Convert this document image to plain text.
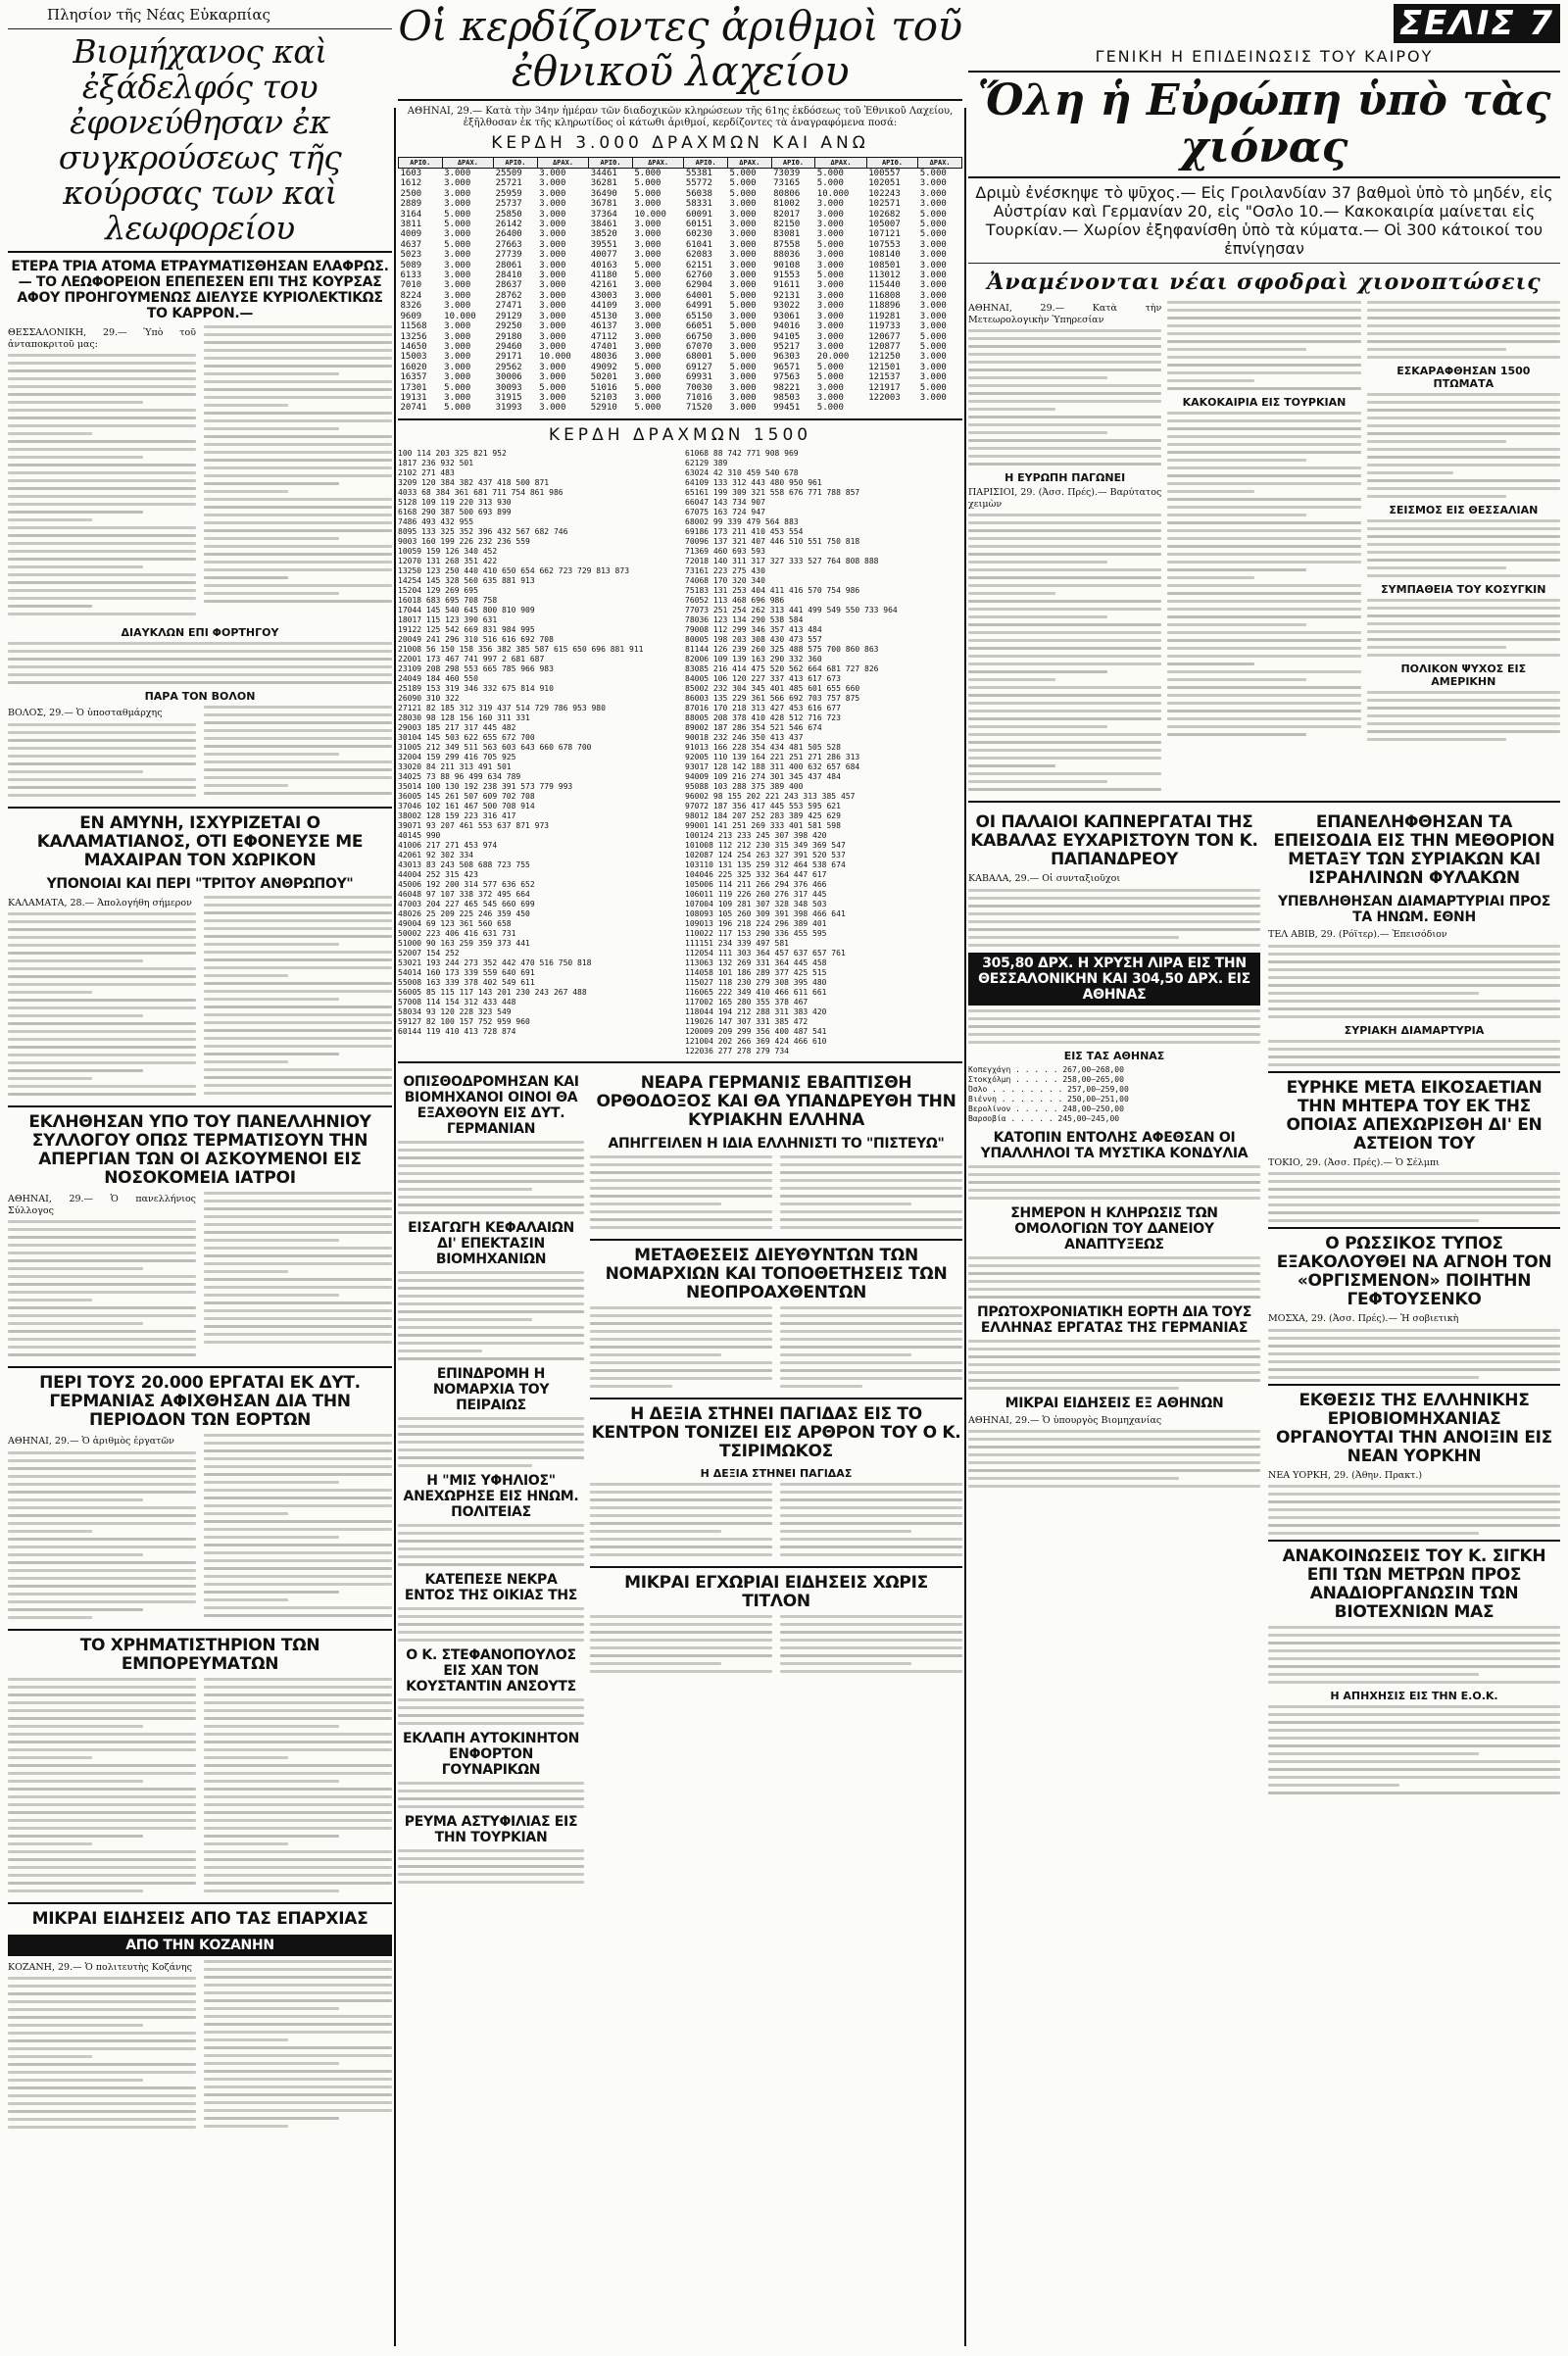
Πλησίον τῆς Νέας Εὐκαρπίας
Βιομήχανος καὶ ἐξάδελφός του ἐφονεύθησαν ἐκ συγκρούσεως τῆς κούρσας των καὶ λεωφορείου
ΕΤΕΡΑ ΤΡΙΑ ΑΤΟΜΑ ΕΤΡΑΥΜΑΤΙΣΘΗΣΑΝ ΕΛΑΦΡΩΣ.— ΤΟ ΛΕΩΦΟΡΕΙΟΝ ΕΠΕΠΕΣΕΝ ΕΠΙ ΤΗΣ ΚΟΥΡΣΑΣ ΑΦΟΥ ΠΡΟΗΓΟΥΜΕΝΩΣ ΔΙΕΛΥΣΕ ΚΥΡΙΟΛΕΚΤΙΚΩΣ ΤΟ ΚΑΡΡΟΝ.—
ΘΕΣΣΑΛΟΝΙΚΗ, 29.— Ὑπὸ τοῦ ἀνταποκριτοῦ μας:
ΔΙΑΥΚΛΩΝ ΕΠΙ ΦΟΡΤΗΓΟΥ
ΠΑΡΑ ΤΟΝ ΒΟΛΟΝ
ΒΟΛΟΣ, 29.— Ὁ ὑποσταθμάρχης
ΕΝ ΑΜΥΝΗ, ΙΣΧΥΡΙΖΕΤΑΙ Ο ΚΑΛΑΜΑΤΙΑΝΟΣ, ΟΤΙ ΕΦΟΝΕΥΣΕ ΜΕ ΜΑΧΑΙΡΑΝ ΤΟΝ ΧΩΡΙΚΟΝ
ΥΠΟΝΟΙΑΙ ΚΑΙ ΠΕΡΙ "ΤΡΙΤΟΥ ΑΝΘΡΩΠΟΥ"
ΚΑΛΑΜΑΤΑ, 28.— Ἀπολογήθη σήμερον
ΕΚΛΗΘΗΣΑΝ ΥΠΟ ΤΟΥ ΠΑΝΕΛΛΗΝΙΟΥ ΣΥΛΛΟΓΟΥ ΟΠΩΣ ΤΕΡΜΑΤΙΣΟΥΝ ΤΗΝ ΑΠΕΡΓΙΑΝ ΤΩΝ ΟΙ ΑΣΚΟΥΜΕΝΟΙ ΕΙΣ ΝΟΣΟΚΟΜΕΙΑ ΙΑΤΡΟΙ
ΑΘΗΝΑΙ, 29.— Ὁ πανελλήνιος Σύλλογος
ΠΕΡΙ ΤΟΥΣ 20.000 ΕΡΓΑΤΑΙ ΕΚ ΔΥΤ. ΓΕΡΜΑΝΙΑΣ ΑΦΙΧΘΗΣΑΝ ΔΙΑ ΤΗΝ ΠΕΡΙΟΔΟΝ ΤΩΝ ΕΟΡΤΩΝ
ΑΘΗΝΑΙ, 29.— Ὁ ἀριθμὸς ἐργατῶν
ΤΟ ΧΡΗΜΑΤΙΣΤΗΡΙΟΝ ΤΩΝ ΕΜΠΟΡΕΥΜΑΤΩΝ
ΜΙΚΡΑΙ ΕΙΔΗΣΕΙΣ ΑΠΟ ΤΑΣ ΕΠΑΡΧΙΑΣ
ΑΠΟ ΤΗΝ ΚΟΖΑΝΗΝ
ΚΟΖΑΝΗ, 29.— Ὁ πολιτευτὴς Κοζάνης
Οἱ κερδίζοντες ἀριθμοὶ τοῦ ἐθνικοῦ λαχείου
ΑΘΗΝΑΙ, 29.— Κατὰ τὴν 34ην ἡμέραν τῶν διαδοχικῶν κληρώσεων τῆς 61ης ἐκδόσεως τοῦ Ἐθνικοῦ Λαχείου, ἐξῆλθοσαν ἐκ τῆς κληρωτίδος οἱ κάτωθι ἀριθμοί, κερδίζοντες τὰ ἀναγραφόμενα ποσά:
ΚΕΡΔΗ 3.000 ΔΡΑΧΜΩΝ ΚΑΙ ΑΝΩ
ΑΡΙΘ.	ΔΡΑΧ.	ΑΡΙΘ.	ΔΡΑΧ.	ΑΡΙΘ.	ΔΡΑΧ.	ΑΡΙΘ.	ΔΡΑΧ.	ΑΡΙΘ.	ΔΡΑΧ.	ΑΡΙΘ.	ΔΡΑΧ.
1603	3.000	25509	3.000	34461	5.000	55381	5.000	73039	5.000	100557	5.000
1612	3.000	25721	3.000	36281	5.000	55772	5.000	73165	5.000	102051	3.000
2500	3.000	25959	3.000	36490	5.000	56038	5.000	80806	10.000	102243	3.000
2889	3.000	25737	3.000	36781	3.000	58331	3.000	81002	3.000	102571	3.000
3164	5.000	25850	3.000	37364	10.000	60091	3.000	82017	3.000	102682	5.000
3811	5.000	26142	3.000	38461	3.000	60151	3.000	82150	3.000	105007	5.000
4009	3.000	26400	3.000	38520	3.000	60230	3.000	83081	3.000	107121	5.000
4637	5.000	27663	3.000	39551	3.000	61041	3.000	87558	5.000	107553	3.000
5023	3.000	27739	3.000	40077	3.000	62083	3.000	88036	3.000	108140	3.000
5089	3.000	28061	3.000	40163	5.000	62151	3.000	90108	3.000	108501	3.000
6133	3.000	28410	3.000	41180	5.000	62760	3.000	91553	5.000	113012	3.000
7010	3.000	28637	3.000	42161	3.000	62904	3.000	91611	3.000	115440	3.000
8224	3.000	28762	3.000	43003	3.000	64001	5.000	92131	3.000	116808	3.000
8326	3.000	27471	3.000	44109	3.000	64991	5.000	93022	3.000	118896	3.000
9609	10.000	29129	3.000	45130	3.000	65150	3.000	93061	3.000	119281	3.000
11568	3.000	29250	3.000	46137	3.000	66051	5.000	94016	3.000	119733	3.000
13256	3.000	29180	3.000	47112	3.000	66750	3.000	94105	3.000	120677	5.000
14650	3.000	29460	3.000	47401	3.000	67070	3.000	95217	3.000	120877	5.000
15003	3.000	29171	10.000	48036	3.000	68001	5.000	96303	20.000	121250	3.000
16020	3.000	29562	3.000	49092	5.000	69127	5.000	96571	5.000	121501	3.000
16357	3.000	30006	3.000	50201	3.000	69931	3.000	97563	5.000	121537	3.000
17301	5.000	30093	5.000	51016	5.000	70030	3.000	98221	3.000	121917	5.000
19131	3.000	31915	3.000	52103	3.000	71016	3.000	98503	3.000	122003	3.000
20741	5.000	31993	3.000	52910	5.000	71520	3.000	99451	5.000		
ΚΕΡΔΗ ΔΡΑΧΜΩΝ 1500
100 114 203 325 821 952
1817 236 932 501
2102 271 483
3209 120 384 382 437 418 500 871
4033 68 384 361 681 711 754 861 986
5128 109 119 220 313 930
6168 290 387 500 693 899
7486 493 432 955
8095 133 325 352 396 432 567 682 746
9003 160 199 226 232 236 559
10059 159 126 340 452
12070 131 268 351 422
13250 123 250 440 410 650 654 662 723 729 813 873
14254 145 328 560 635 881 913
15204 129 269 695
16018 683 695 708 758
17044 145 540 645 800 810 909
18017 115 123 390 631
19122 125 542 669 831 984 995
20049 241 296 310 516 616 692 708
21008 56 150 158 356 382 385 587 615 650 696 881 911
22001 173 467 741 997 2 681 687
23109 208 298 553 665 785 966 983
24049 184 460 550
25189 153 319 346 332 675 814 910
26090 310 322
27121 82 185 312 319 437 514 729 786 953 980
28030 98 128 156 160 311 331
29003 185 217 317 445 482
30104 145 503 622 655 672 700
31005 212 349 511 563 603 643 660 678 700
32004 159 299 416 705 925
33020 84 211 313 491 501
34025 73 88 96 499 634 789
35014 100 130 192 238 391 573 779 993
36005 145 261 507 609 702 708
37046 102 161 467 500 708 914
38002 128 159 223 316 417
39071 93 207 461 553 637 871 973
40145 990
41006 217 271 453 974
42061 92 302 334
43013 83 243 508 688 723 755
44004 252 315 423
45006 192 200 314 577 636 652
46048 97 107 338 372 495 664
47003 204 227 465 545 660 699
48026 25 209 225 246 359 450
49004 69 123 361 560 658
50002 223 406 416 631 731
51000 90 163 259 359 373 441
52007 154 252
53021 193 244 273 352 442 470 516 750 818
54014 160 173 339 559 640 691
55008 163 339 378 402 549 611
56005 85 115 117 143 201 230 243 267 488
57008 114 154 312 433 448
58034 93 120 228 323 549
59127 82 100 157 752 959 960
60144 119 410 413 728 874
61068 88 742 771 908 969
62129 389
63024 42 310 459 540 678
64109 133 312 443 480 950 961
65161 199 309 321 558 676 771 788 857
66047 143 734 907
67075 163 724 947
68002 99 339 479 564 883
69186 173 211 410 453 554
70096 137 321 407 446 510 551 750 818
71369 460 693 593
72018 140 311 317 327 333 527 764 808 888
73161 223 275 430
74068 170 320 340
75183 131 253 404 411 416 570 754 986
76052 113 468 696 986
77073 251 254 262 313 441 499 549 550 733 964
78036 123 134 290 538 584
79008 112 299 346 357 413 484
80005 198 203 308 430 473 557
81144 126 239 260 325 488 575 700 860 863
82006 109 139 163 290 332 360
83085 216 414 475 520 562 664 681 727 826
84005 106 120 227 337 413 617 673
85002 232 304 345 401 485 601 655 660
86003 135 229 361 566 692 703 757 875
87016 170 218 313 427 453 616 677
88005 208 378 410 428 512 716 723
89002 187 286 354 521 546 674
90018 232 246 350 413 437
91013 166 228 354 434 481 505 528
92005 110 139 164 221 251 271 286 313
93017 128 142 188 311 400 632 657 684
94009 109 216 274 301 345 437 484
95088 103 288 375 389 400
96002 98 155 202 221 243 313 385 457
97072 187 356 417 445 553 595 621
98012 184 207 252 283 389 425 629
99001 141 251 269 333 401 581 598
100124 213 233 245 307 398 420
101008 112 212 230 315 349 369 547
102087 124 254 263 327 391 520 537
103110 131 135 259 312 464 538 674
104046 225 325 332 364 447 617
105006 114 211 266 294 376 466
106011 119 226 260 276 317 445
107004 109 281 307 328 348 503
108093 105 260 309 391 398 466 641
109013 196 218 224 296 389 401
110022 117 153 290 336 455 595
111151 234 339 497 581
112054 111 303 364 457 637 657 761
113063 132 269 331 364 445 458
114058 101 186 289 377 425 515
115027 118 230 279 308 395 480
116065 222 349 410 466 611 661
117002 165 280 355 378 467
118044 194 212 288 311 383 420
119026 147 307 331 385 472
120009 209 299 356 400 487 541
121004 202 266 369 424 466 610
122036 277 278 279 734
ΟΠΙΣΘΟΔΡΟΜΗΣΑΝ ΚΑΙ ΒΙΟΜΗΧΑΝΟΙ ΟΙΝΟΙ ΘΑ ΕΞΑΧΘΟΥΝ ΕΙΣ ΔΥΤ. ΓΕΡΜΑΝΙΑΝ
ΕΙΣΑΓΩΓΗ ΚΕΦΑΛΑΙΩΝ ΔΙ' ΕΠΕΚΤΑΣΙΝ ΒΙΟΜΗΧΑΝΙΩΝ
ΕΠΙΝΔΡΟΜΗ Η ΝΟΜΑΡΧΙΑ ΤΟΥ ΠΕΙΡΑΙΩΣ
Η "ΜΙΣ ΥΦΗΛΙΟΣ" ΑΝΕΧΩΡΗΣΕ ΕΙΣ ΗΝΩΜ. ΠΟΛΙΤΕΙΑΣ
ΚΑΤΕΠΕΣΕ ΝΕΚΡΑ ΕΝΤΟΣ ΤΗΣ ΟΙΚΙΑΣ ΤΗΣ
Ο Κ. ΣΤΕΦΑΝΟΠΟΥΛΟΣ ΕΙΣ ΧΑΝ ΤΟΝ ΚΟΥΣΤΑΝΤΙΝ ΑΝΣΟΥΤΣ
ΕΚΛΑΠΗ ΑΥΤΟΚΙΝΗΤΟΝ ΕΝΦΟΡΤΟΝ ΓΟΥΝΑΡΙΚΩΝ
ΡΕΥΜΑ ΑΣΤΥΦΙΛΙΑΣ ΕΙΣ ΤΗΝ ΤΟΥΡΚΙΑΝ
ΝΕΑΡΑ ΓΕΡΜΑΝΙΣ ΕΒΑΠΤΙΣΘΗ ΟΡΘΟΔΟΞΟΣ ΚΑΙ ΘΑ ΥΠΑΝΔΡΕΥΘΗ ΤΗΝ ΚΥΡΙΑΚΗΝ ΕΛΛΗΝΑ
ΑΠΗΓΓΕΙΛΕΝ Η ΙΔΙΑ ΕΛΛΗΝΙΣΤΙ ΤΟ "ΠΙΣΤΕΥΩ"
ΜΕΤΑΘΕΣΕΙΣ ΔΙΕΥΘΥΝΤΩΝ ΤΩΝ ΝΟΜΑΡΧΙΩΝ ΚΑΙ ΤΟΠΟΘΕΤΗΣΕΙΣ ΤΩΝ ΝΕΟΠΡΟΑΧΘΕΝΤΩΝ
Η ΔΕΞΙΑ ΣΤΗΝΕΙ ΠΑΓΙΔΑΣ ΕΙΣ ΤΟ ΚΕΝΤΡΟΝ ΤΟΝΙΖΕΙ ΕΙΣ ΑΡΘΡΟΝ ΤΟΥ Ο Κ. ΤΣΙΡΙΜΩΚΟΣ
Η ΔΕΞΙΑ ΣΤΗΝΕΙ ΠΑΓΙΔΑΣ
ΜΙΚΡΑΙ ΕΓΧΩΡΙΑΙ ΕΙΔΗΣΕΙΣ ΧΩΡΙΣ ΤΙΤΛΟΝ
ΣΕΛΙΣ 7
ΓΕΝΙΚΗ Η ΕΠΙΔΕΙΝΩΣΙΣ ΤΟΥ ΚΑΙΡΟΥ
Ὅλη ἡ Εὐρώπη ὑπὸ τὰς χιόνας
Δριμὺ ἐνέσκηψε τὸ ψῦχος.— Εἰς Γροιλανδίαν 37 βαθμοὶ ὑπὸ τὸ μηδέν, εἰς Αὐστρίαν καὶ Γερμανίαν 20, εἰς "Οσλο 10.— Κακοκαιρία μαίνεται εἰς Τουρκίαν.— Χωρίον ἐξηφανίσθη ὑπὸ τὰ κύματα.— Οἱ 300 κάτοικοί του ἐπνίγησαν
Ἀναμένονται νέαι σφοδραὶ χιονοπτώσεις
ΑΘΗΝΑΙ, 29.— Κατὰ τὴν Μετεωρολογικὴν Ὑπηρεσίαν
Η ΕΥΡΩΠΗ ΠΑΓΩΝΕΙ
ΠΑΡΙΣΙΟΙ, 29. (Ἀσσ. Πρές).— Βαρύτατος χειμὼν
ΚΑΚΟΚΑΙΡΙΑ ΕΙΣ ΤΟΥΡΚΙΑΝ
ΕΣΚΑΡΑΦΘΗΣΑΝ 1500 ΠΤΩΜΑΤΑ
ΣΕΙΣΜΟΣ ΕΙΣ ΘΕΣΣΑΛΙΑΝ
ΣΥΜΠΑΘΕΙΑ ΤΟΥ ΚΟΣΥΓΚΙΝ
ΠΟΛΙΚΟΝ ΨΥΧΟΣ ΕΙΣ ΑΜΕΡΙΚΗΝ
ΟΙ ΠΑΛΑΙΟΙ ΚΑΠΝΕΡΓΑΤΑΙ ΤΗΣ ΚΑΒΑΛΑΣ ΕΥΧΑΡΙΣΤΟΥΝ ΤΟΝ Κ. ΠΑΠΑΝΔΡΕΟΥ
ΚΑΒΑΛΑ, 29.— Οἱ συνταξιοῦχοι
305,80 ΔΡΧ. Η ΧΡΥΣΗ ΛΙΡΑ ΕΙΣ ΤΗΝ ΘΕΣΣΑΛΟΝΙΚΗΝ ΚΑΙ 304,50 ΔΡΧ. ΕΙΣ ΑΘΗΝΑΣ
ΕΙΣ ΤΑΣ ΑΘΗΝΑΣ
Κοπεγχάγη . . . . . 267,00—268,00
Στοκχόλμη . . . . . 258,00—265,00
Ὄσλο . . . . . . . . 257,00—259,00
Βιέννη . . . . . . . 250,00—251,00
Βερολίνον . . . . . 248,00—250,00
Βαρσοβία . . . . . 245,00—245,00
ΚΑΤΟΠΙΝ ΕΝΤΟΛΗΣ ΑΦΕΘΣΑΝ ΟΙ ΥΠΑΛΛΗΛΟΙ ΤΑ ΜΥΣΤΙΚΑ ΚΟΝΔΥΛΙΑ
ΣΗΜΕΡΟΝ Η ΚΛΗΡΩΣΙΣ ΤΩΝ ΟΜΟΛΟΓΙΩΝ ΤΟΥ ΔΑΝΕΙΟΥ ΑΝΑΠΤΥΞΕΩΣ
ΠΡΩΤΟΧΡΟΝΙΑΤΙΚΗ ΕΟΡΤΗ ΔΙΑ ΤΟΥΣ ΕΛΛΗΝΑΣ ΕΡΓΑΤΑΣ ΤΗΣ ΓΕΡΜΑΝΙΑΣ
ΜΙΚΡΑΙ ΕΙΔΗΣΕΙΣ ΕΞ ΑΘΗΝΩΝ
ΑΘΗΝΑΙ, 29.— Ὁ ὑπουργὸς Βιομηχανίας
ΕΠΑΝΕΛΗΦΘΗΣΑΝ ΤΑ ΕΠΕΙΣΟΔΙΑ ΕΙΣ ΤΗΝ ΜΕΘΟΡΙΟΝ ΜΕΤΑΞΥ ΤΩΝ ΣΥΡΙΑΚΩΝ ΚΑΙ ΙΣΡΑΗΛΙΝΩΝ ΦΥΛΑΚΩΝ
ΥΠΕΒΛΗΘΗΣΑΝ ΔΙΑΜΑΡΤΥΡΙΑΙ ΠΡΟΣ ΤΑ ΗΝΩΜ. ΕΘΝΗ
ΤΕΛ ΑΒΙΒ, 29. (Ρόϊτερ).— Ἐπεισόδιον
ΣΥΡΙΑΚΗ ΔΙΑΜΑΡΤΥΡΙΑ
ΕΥΡΗΚΕ ΜΕΤΑ ΕΙΚΟΣΑΕΤΙΑΝ ΤΗΝ ΜΗΤΕΡΑ ΤΟΥ ΕΚ ΤΗΣ ΟΠΟΙΑΣ ΑΠΕΧΩΡΙΣΘΗ ΔΙ' ΕΝ ΑΣΤΕΙΟΝ ΤΟΥ
ΤΟΚΙΟ, 29. (Ἀσσ. Πρές).— Ὁ Σέλμπι
Ο ΡΩΣΣΙΚΟΣ ΤΥΠΟΣ ΕΞΑΚΟΛΟΥΘΕΙ ΝΑ ΑΓΝΟΗ ΤΟΝ «ΟΡΓΙΣΜΕΝΟΝ» ΠΟΙΗΤΗΝ ΓΕΦΤΟΥΣΕΝΚΟ
ΜΟΣΧΑ, 29. (Ἀσσ. Πρές).— Ἡ σοβιετικὴ
ΕΚΘΕΣΙΣ ΤΗΣ ΕΛΛΗΝΙΚΗΣ ΕΡΙΟΒΙΟΜΗΧΑΝΙΑΣ ΟΡΓΑΝΟΥΤΑΙ ΤΗΝ ΑΝΟΙΞΙΝ ΕΙΣ ΝΕΑΝ ΥΟΡΚΗΝ
ΝΕΑ ΥΟΡΚΗ, 29. (Ἀθην. Πρακτ.)
ΑΝΑΚΟΙΝΩΣΕΙΣ ΤΟΥ Κ. ΣΙΓΚΗ ΕΠΙ ΤΩΝ ΜΕΤΡΩΝ ΠΡΟΣ ΑΝΑΔΙΟΡΓΑΝΩΣΙΝ ΤΩΝ ΒΙΟΤΕΧΝΙΩΝ ΜΑΣ
Η ΑΠΗΧΗΣΙΣ ΕΙΣ ΤΗΝ Ε.Ο.Κ.
